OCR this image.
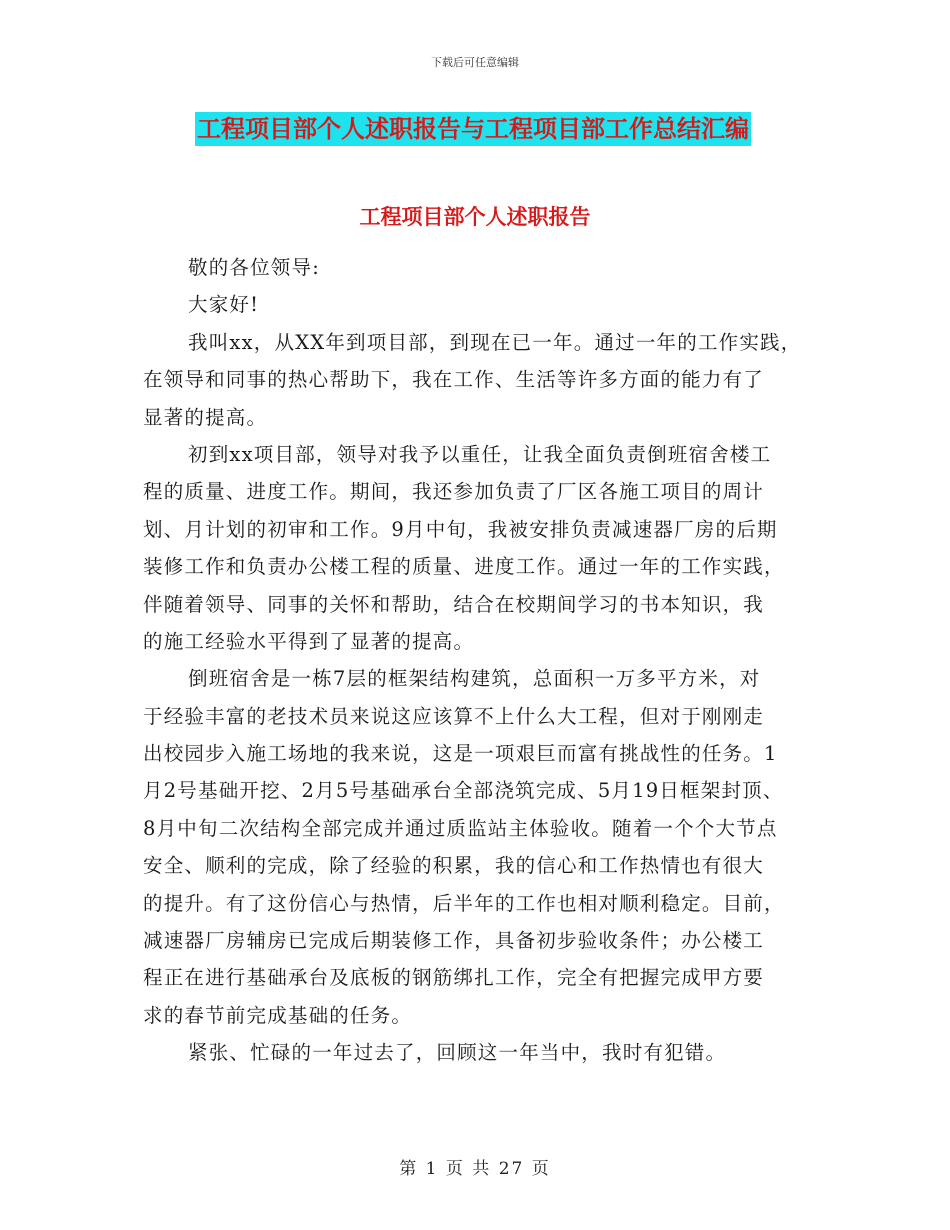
下载后可任意编辑
工程项目部个人述职报告与工程项目部工作总结汇编
工程项目部个人述职报告
敬的各位领导:
大家好!
我叫xx，从XX年到项目部，到现在已一年。通过一年的工作实践，
在领导和同事的热心帮助下，我在工作、生活等许多方面的能力有了
显著的提高。
初到xx项目部，领导对我予以重任，让我全面负责倒班宿舍楼工
程的质量、进度工作。期间，我还参加负责了厂区各施工项目的周计
划、月计划的初审和工作。9月中旬，我被安排负责减速器厂房的后期
装修工作和负责办公楼工程的质量、进度工作。通过一年的工作实践，
伴随着领导、同事的关怀和帮助，结合在校期间学习的书本知识，我
的施工经验水平得到了显著的提高。
倒班宿舍是一栋7层的框架结构建筑，总面积一万多平方米，对
于经验丰富的老技术员来说这应该算不上什么大工程，但对于刚刚走
出校园步入施工场地的我来说，这是一项艰巨而富有挑战性的任务。1
月2号基础开挖、2月5号基础承台全部浇筑完成、5月19日框架封顶、
8月中旬二次结构全部完成并通过质监站主体验收。随着一个个大节点
安全、顺利的完成，除了经验的积累，我的信心和工作热情也有很大
的提升。有了这份信心与热情，后半年的工作也相对顺利稳定。目前，
减速器厂房辅房已完成后期装修工作，具备初步验收条件；办公楼工
程正在进行基础承台及底板的钢筋绑扎工作，完全有把握完成甲方要
求的春节前完成基础的任务。
紧张、忙碌的一年过去了，回顾这一年当中，我时有犯错。
第 1 页 共 27 页
